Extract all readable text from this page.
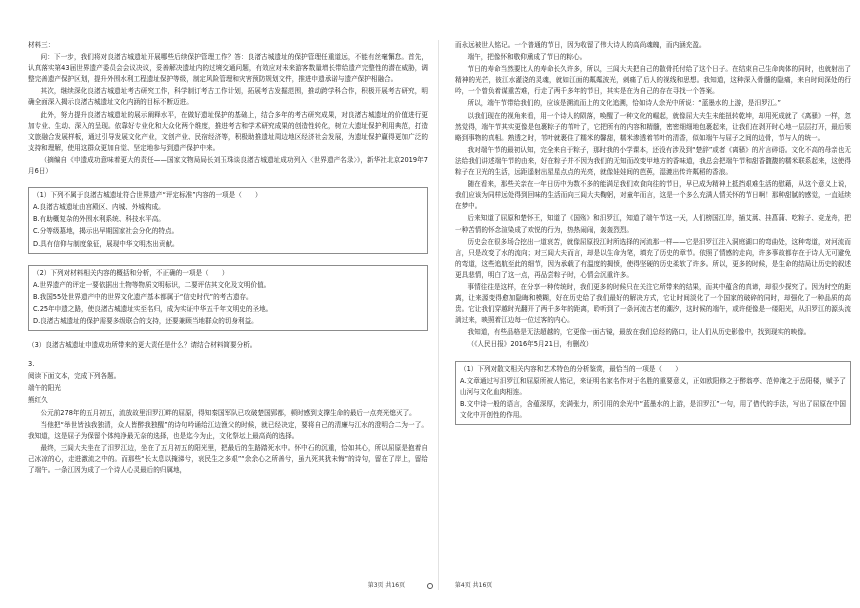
材料三：

问：下一步，我们将对良渚古城遗址开展哪些后续保护管理工作？答：良渚古城遗址的保护管理任重道远，不能有丝毫懈怠。首先，认真落实第43届世界遗产委员会会议决议，妥善解决遗址内的过境交通问题，有效应对未来游客数量增长带给遗产完整性的潜在威胁，调整完善遗产保护区划，提升外围水利工程遗址保护等级，制定风险管理和灾害预防规划文件，推进申遗承诺与遗产保护相融合。

其次，继续深化良渚古城遗址考古研究工作，科学制订考古工作计划，拓展考古发掘范围，推动跨学科合作，积极开展考古研究，明确全面深入揭示良渚古城遗址文化内涵的目标不断迈进。

此外，努力提升良渚古城遗址的展示阐释水平，在做好遗址保护的基础上，结合多年的考古研究成果，对良渚古城遗址的价值进行更加专业、生动、深入的呈现。依靠好专业化和大众化两个维度，推进考古和学术研究成果的创造性转化，树立大遗址保护利用典范，打造文旅融合发展样板，通过引导发展文化产业，文创产业、民宿经济等，积极助推遗址周边地区经济社会发展，为遗址保护赢得更加广泛的支持和理解，使用这群众更加自觉、坚定地参与到遗产保护中来。

（摘编自《申遗成功意味着更大的责任——国家文物局局长刘玉珠谈良渚古城遗址成功列入〈世界遗产名录〉》，新华社北京2019年7月6日）

（1）下列不属于良渚古城遗址符合世界遗产“评定标准”内容的一项是（　　）

A.良渚古城遗址由宫殿区、内城、外城构成。

B.有助概复杂的外围水利系统、科技水平高。

C.分等级墓地，揭示出早期国家社会分化的特点。

D.具有信仰与制度象征，展现中华文明杰出贡献。

（2）下列对材料相关内容的概括和分析，不正确的一项是（　　）

A.世界遗产的评定一要依据出土物等物质文明标识，二要评估其文化及文明价值。

B.我国55处世界遗产中的世界文化遗产基本都属于“信史时代”的考古遗存。

C.25年申遗之路，使良渚古城遗址实至名归，成为实证中华五千年文明史的圣地。

D.良渚古城遗址的保护需要多级联合的支持，还要兼顾当地群众的切身利益。

（3）良渚古城遗址申遗成功所带来的更大责任是什么？请结合材料简要分析。

3.

阅读下面文本，完成下列各题。

端午的阳光

熊红久

公元前278年的五月初五，流放故里汨罗江畔的屈原，得知秦国军队已攻破楚国郢都，顿时感到支撑生命的最后一点亮光熄灭了。

当他把“举世皆浊我独清，众人皆醉我独醒”的诗句吟诵给江边渔父的时候，就已经决定，要将自己的清廉与江水的澄明合二为一了。我知道，这是屈子为保留个体纯净最无奈的选择，也是迄今为止，文化祭坛上最高尚的选择。

最终，三闾大夫坐在了汨罗江边，坐在了五月初五的阳光里，把最后的生路踏死水中。怀中石的沉重，恰如其心，所以屈原是抱着自己冰凉的心，走进激流之中的。而那些“长太息以掩涕兮，哀民生之多艰”“余余心之所善兮，虽九死其犹未悔”的诗句，留在了岸上，留给了端午。一条江因为成了一个诗人心灵最后的归属地，

而永远被世人铭记。一个普通的节日，因为收留了伟大诗人的高尚魂魄，而内涵充盈。

端午，把像怀和敬仰熏成了节日的粽心。

节日的寿命当然要比人的寿命长久许多，所以，三闾大夫把自己的散骨托付给了这个日子。在结束自己生命肉体的同时，也就射出了精神的光芒，彼江水灌浇的灵魂，就如江面的粼粼波光，刺痛了后人的视线和思想。我知道，这种深入骨髓的隐痛，来自时间深处的行吟，一个曾负着谋重苦难，行走了两千多年的节日，其实是在为自己的存在寻找一个答案。

所以，端午节带给我们的，应该是溯流而上的文化追溯，恰如诗人余光中所说：“蓝墨水的上游，是汨罗江。”

以我们现在的视角来看，用一个诗人的陨落，唤醒了一种文化的崛起，就像屈大夫生未能扭转乾坤，却用死成就了《离骚》一样，忽然觉得，端午节其实更像是包裹粽子的苇叶了，它把所有的内容和精髓，密密细细地包裹起来，让我们在剥开时心地一层层打开，最后领略到事物的真相。熟透之时，苇叶就裹住了糯米的馨甜，糯米渗透着苇叶的清香，似如端午与屈子之间的边骨，节与人的统一。

我对端午节的最初认知，完全来自于粽子，那时我的小学课本，还没有涉及到“楚辞”或者《离骚》的片言碎语。文化不高的母亲也无法给我们讲述端午节的由来，好在粽子并不因为我们的无知而改变甲地方的香味道，我总会把端午节和甜香馥馥的糯米联系起来，这使得粽子在卫光的生活，远距遥射出星星点点的光亮，就像娃娃间的芭蕉，湿漉出传许粼稻的香浪。

随在看来，那些关亲在一年日历中为数不多的能满足我们欢食向往的节日，早已成为精神上抵挡艰难生活的慰藉，从这个意义上说，我们应该为同样远处得到回味的生活而向三闾大夫鞠躬，对童年而言，这是一个多么充满人情关怀的节日啊！那种甜腻的感觉，一直延续在梦中。

后来知道了屈原和楚怀王，知道了《国殇》和汨罗江，知道了端午节这一天，人们榜国江岸，插艾蒿、挂菖蒲、吃粽子、竞龙舟，把一种苦情的怀念渲染成了欢悦的行为，热热闹闹，轰轰烈烈。

历史会在很多场合挖出一道哀苦，就像屈原投江时所选择的河流那一样——它是汨罗江注入洞庭湖口的弯曲处，这种弯道，对河流而言，只是改变了水的流向；对三闾大夫而言，却是以生命为笔，填充了历史的章节。依照了情感的走向，许多事故都存在于诗人无可避免的弯道，这些追航至此的细节，因为承载了有温度的揭愤，使得坚硬的历史柔软了许多。所以，更多的时候，是生命的结局让历史的叙述更具悲情，明白了这一点，再品尝粽子时，心情会沉重许多。

事情往往是这样，在分享一种传统时，我们更多的时候只在关注它所带来的结果，而其中蕴含的真谛，却很少探究了。因为时空的距离，让来源变得愈加隐晦和模糊，好在历史给了我们最好的解决方式，它让时间淡化了一个国家的破碎的同时，却强化了一种品质的高贵。它让我们穿越时光翻开了两千多年的距离，聆听到了一条河流古老的潮汐，这时候的端午，或许便像是一缕阳光，从汨罗江的源头流淌过来，映照着江边每一位过客的内心。

我知道，有些品格是无法超越的，它更像一面古镜，最放在我们总经的路口，让人们从历史影像中，找到现实的映像。

（《人民日报》2016年5月21日，有删改）

（1）下列对散文相关内容和艺术特色的分析鉴赏，最恰当的一项是（　　）

A.文章通过写汨罗江和屈原所被人铭记，来证明名家名作对于名胜的重要意义，正如欧阳修之于醉翁亭、范仲淹之于岳阳楼，赋予了山河与文化血肉相连。

B.文中诗一般的语言，含蕴深厚，充满张力，所引用的余光中“蓝墨水的上游，是汨罗江”一句，用了借代的手法，写出了屈原在中国文化中开创性的作用。

第3页 共16页	第4页 共16页
